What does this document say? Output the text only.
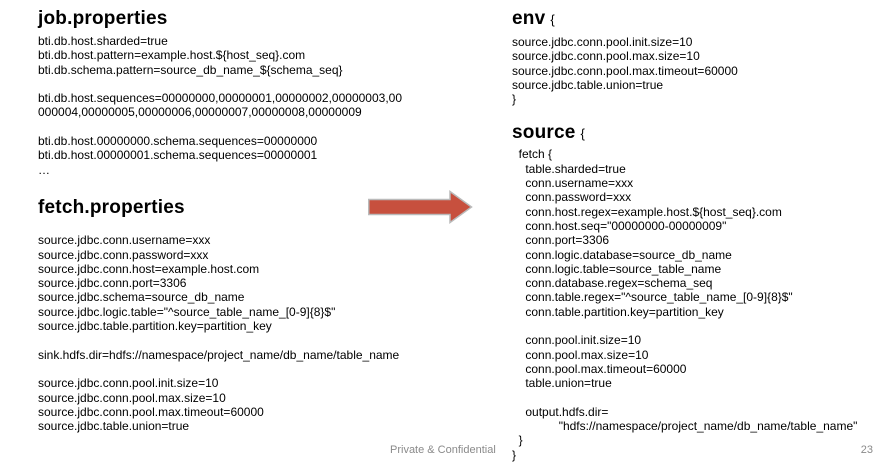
job.properties
bti.db.host.sharded=true
bti.db.host.pattern=example.host.${host_seq}.com
bti.db.schema.pattern=source_db_name_${schema_seq}
bti.db.host.sequences=00000000,00000001,00000002,00000003,00
000004,00000005,00000006,00000007,00000008,00000009
bti.db.host.00000000.schema.sequences=00000000
bti.db.host.00000001.schema.sequences=00000001
…
fetch.properties
source.jdbc.conn.username=xxx
source.jdbc.conn.password=xxx
source.jdbc.conn.host=example.host.com
source.jdbc.conn.port=3306
source.jdbc.schema=source_db_name
source.jdbc.logic.table="^source_table_name_[0-9]{8}$"
source.jdbc.table.partition.key=partition_key
sink.hdfs.dir=hdfs://namespace/project_name/db_name/table_name
source.jdbc.conn.pool.init.size=10
source.jdbc.conn.pool.max.size=10
source.jdbc.conn.pool.max.timeout=60000
source.jdbc.table.union=true
env {
source.jdbc.conn.pool.init.size=10
source.jdbc.conn.pool.max.size=10
source.jdbc.conn.pool.max.timeout=60000
source.jdbc.table.union=true
}
source {
fetch {
table.sharded=true
conn.username=xxx
conn.password=xxx
conn.host.regex=example.host.${host_seq}.com
conn.host.seq="00000000-00000009"
conn.port=3306
conn.logic.database=source_db_name
conn.logic.table=source_table_name
conn.database.regex=schema_seq
conn.table.regex="^source_table_name_[0-9]{8}$"
conn.table.partition.key=partition_key
conn.pool.init.size=10
conn.pool.max.size=10
conn.pool.max.timeout=60000
table.union=true
output.hdfs.dir=
"hdfs://namespace/project_name/db_name/table_name"
}
}
Private & Confidential	23
